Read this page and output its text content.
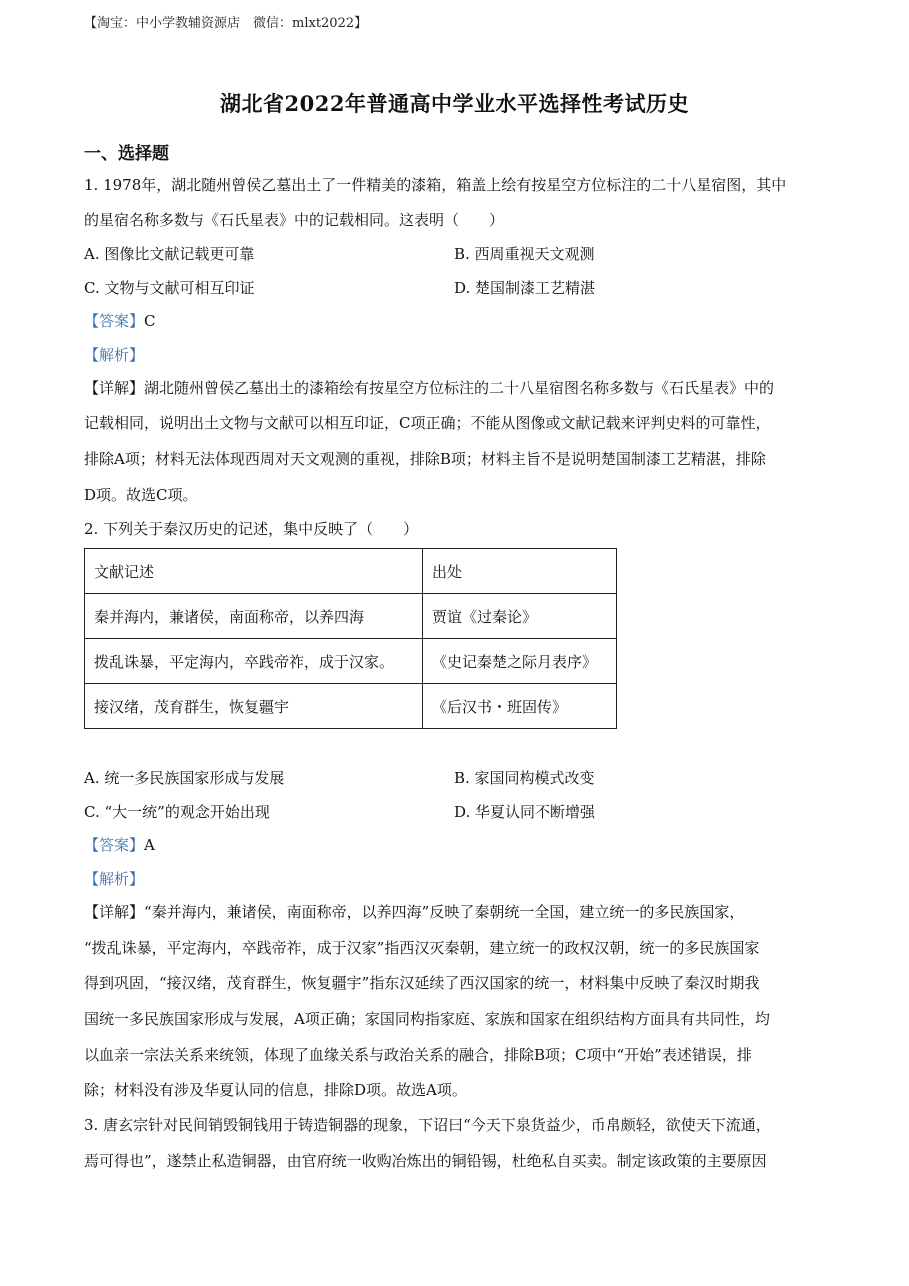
【淘宝：中小学教辅资源店　微信：mlxt2022】
湖北省2022年普通高中学业水平选择性考试历史
一、选择题
1. 1978年，湖北随州曾侯乙墓出土了一件精美的漆箱，箱盖上绘有按星空方位标注的二十八星宿图，其中
的星宿名称多数与《石氏星表》中的记载相同。这表明（　　）
A. 图像比文献记载更可靠	B. 西周重视天文观测
C. 文物与文献可相互印证	D. 楚国制漆工艺精湛
【答案】C
【解析】
【详解】湖北随州曾侯乙墓出土的漆箱绘有按星空方位标注的二十八星宿图名称多数与《石氏星表》中的
记载相同，说明出土文物与文献可以相互印证，C项正确；不能从图像或文献记载来评判史料的可靠性，
排除A项；材料无法体现西周对天文观测的重视，排除B项；材料主旨不是说明楚国制漆工艺精湛，排除
D项。故选C项。
2. 下列关于秦汉历史的记述，集中反映了（　　）
文献记述	出处
秦并海内，兼诸侯，南面称帝，以养四海	贾谊《过秦论》
拨乱诛暴，平定海内，卒践帝祚，成于汉家。	《史记秦楚之际月表序》
接汉绪，茂育群生，恢复疆宇	《后汉书・班固传》
A. 统一多民族国家形成与发展	B. 家国同构模式改变
C. “大一统”的观念开始出现	D. 华夏认同不断增强
【答案】A
【解析】
【详解】“秦并海内，兼诸侯，南面称帝，以养四海”反映了秦朝统一全国，建立统一的多民族国家，
“拨乱诛暴，平定海内，卒践帝祚，成于汉家”指西汉灭秦朝，建立统一的政权汉朝，统一的多民族国家
得到巩固，“接汉绪，茂育群生，恢复疆宇”指东汉延续了西汉国家的统一，材料集中反映了秦汉时期我
国统一多民族国家形成与发展，A项正确；家国同构指家庭、家族和国家在组织结构方面具有共同性，均
以血亲一宗法关系来统领，体现了血缘关系与政治关系的融合，排除B项；C项中“开始”表述错误，排
除；材料没有涉及华夏认同的信息，排除D项。故选A项。
3. 唐玄宗针对民间销毁铜钱用于铸造铜器的现象，下诏曰“今天下泉货益少，币帛颇轻，欲使天下流通，
焉可得也”，遂禁止私造铜器，由官府统一收购冶炼出的铜铅锡，杜绝私自买卖。制定该政策的主要原因
